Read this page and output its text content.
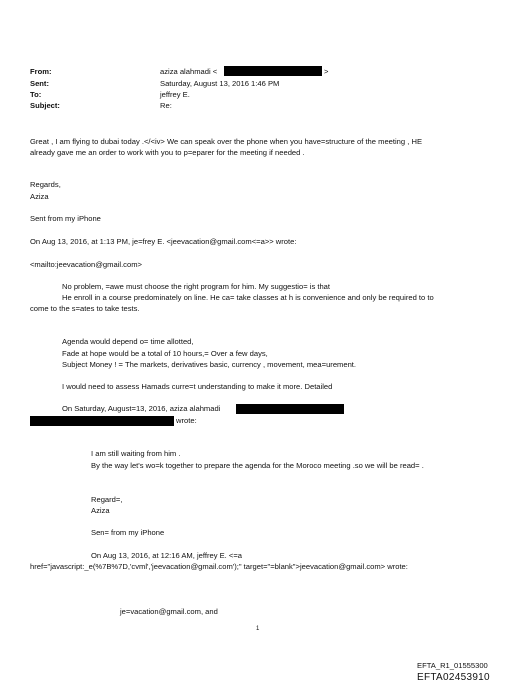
From:	aziza alahmadi <	>
Sent:	Saturday, August 13, 2016 1:46 PM
To:	jeffrey E.
Subject:	Re:
Great , I am flying to dubai today .</<iv> We can speak over the phone when you have=structure of the meeting , HE
already gave me an order to work with you to p=eparer for the meeting if needed .
Regards,
Aziza
Sent from my iPhone
On Aug 13, 2016, at 1:13 PM, je=frey E. <jeevacation@gmail.com<=a>> wrote:
<mailto:jeevacation@gmail.com>
No problem, =awe must choose the right program for him. My suggestio= is that
He enroll in a course predominately on line. He ca= take classes at h is convenience and only be required to to
come to the s=ates to take tests.
Agenda would depend o= time allotted,
Fade at hope would be a total of 10 hours,= Over a few days,
Subject Money ! = The markets, derivatives basic, currency , movement, mea=urement.
I would need to assess Hamads curre=t understanding to make it more. Detailed
On Saturday, August=13, 2016, aziza alahmadi
wrote:
I am still waiting from him .
By the way let's wo=k together to prepare the agenda for the Moroco meeting .so we will be read= .
Regard=,
Aziza
Sen= from my iPhone
On Aug 13, 2016, at 12:16 AM, jeffrey E. <=a
href="javascript:_e(%7B%7D,'cvml','jeevacation@gmail.com');" target="=blank">jeevacation@gmail.com> wrote:
je=vacation@gmail.com, and
1
EFTA_R1_01555300
EFTA02453910
